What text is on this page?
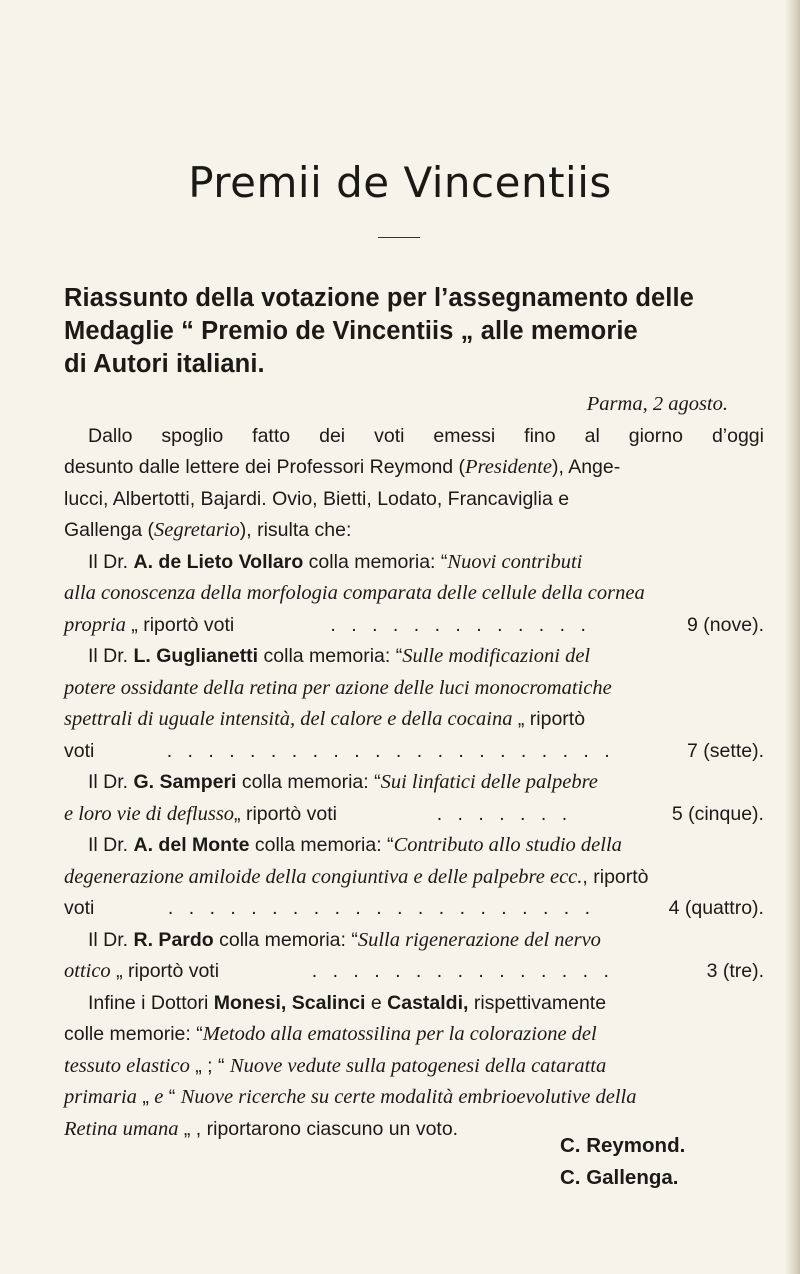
Premii de Vincentiis
Riassunto della votazione per l’assegnamento delle
Medaglie “ Premio de Vincentiis „ alle memorie
di Autori italiani.
Parma, 2 agosto.
Dallo spoglio fatto dei voti emessi fino al giorno d’oggi
desunto dalle lettere dei Professori Reymond (Presidente), Ange-
lucci, Albertotti, Bajardi. Ovio, Bietti, Lodato, Francaviglia e
Gallenga (Segretario), risulta che:
Il Dr. A. de Lieto Vollaro colla memoria: “Nuovi contributi
alla conoscenza della morfologia comparata delle cellule della cornea
propria „ riportò voti	. . . . . . . . . . . . .	9 (nove).
Il Dr. L. Guglianetti colla memoria: “Sulle modificazioni del
potere ossidante della retina per azione delle luci monocromatiche
spettrali di uguale intensità, del calore e della cocaina „ riportò
voti	. . . . . . . . . . . . . . . . . . . . . .	7 (sette).
Il Dr. G. Samperi colla memoria: “Sui linfatici delle palpebre
e loro vie di deflusso„ riportò voti	. . . . . . .	5 (cinque).
Il Dr. A. del Monte colla memoria: “Contributo allo studio della
degenerazione amiloide della congiuntiva e delle palpebre ecc., riportò
voti	. . . . . . . . . . . . . . . . . . . . .	4 (quattro).
Il Dr. R. Pardo colla memoria: “Sulla rigenerazione del nervo
ottico „ riportò voti	. . . . . . . . . . . . . . .	3 (tre).
Infine i Dottori Monesi, Scalinci e Castaldi, rispettivamente
colle memorie: “Metodo alla ematossilina per la colorazione del
tessuto elastico „ ; “ Nuove vedute sulla patogenesi della cataratta
primaria „ e “ Nuove ricerche su certe modalità embrioevolutive della
Retina umana „ , riportarono ciascuno un voto.
C. Reymond.
C. Gallenga.
